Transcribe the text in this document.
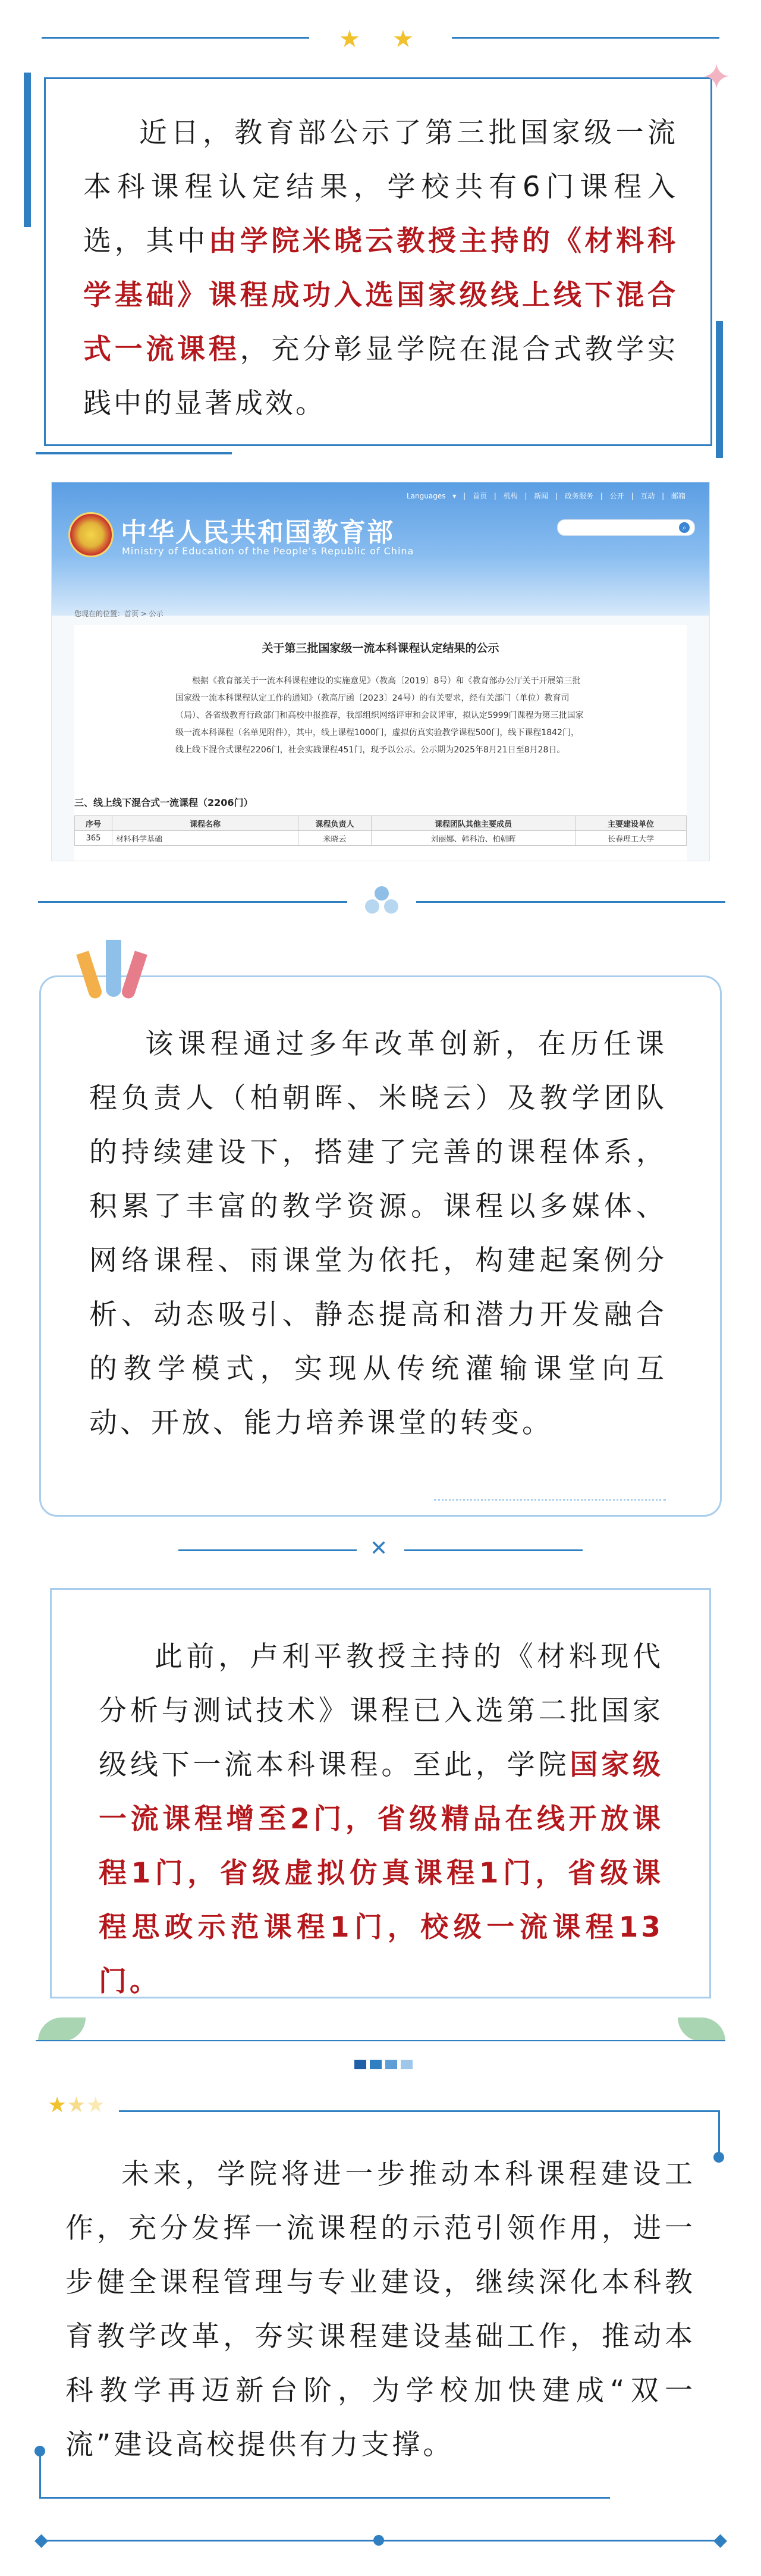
★ ★
✦

近日，教育部公示了第三批国家级一流本科课程认定结果，学校共有6门课程入选，其中由学院米晓云教授主持的《材料科学基础》课程成功入选国家级线上线下混合式一流课程，充分彰显学院在混合式教学实践中的显著成效。

中华人民共和国教育部
Ministry of Education of the People's Republic of China
Languages ▾ | 首页 | 机构 | 新闻 | 政务服务 | 公开 | 互动 | 邮箱
⌕
您现在的位置：首页 > 公示
关于第三批国家级一流本科课程认定结果的公示

根据《教育部关于一流本科课程建设的实施意见》（教高〔2019〕8号）和《教育部办公厅关于开展第三批国家级一流本科课程认定工作的通知》（教高厅函〔2023〕24号）的有关要求，经有关部门（单位）教育司（局）、各省级教育行政部门和高校申报推荐，我部组织网络评审和会议评审，拟认定5999门课程为第三批国家级一流本科课程（名单见附件），其中，线上课程1000门，虚拟仿真实验教学课程500门，线下课程1842门，线上线下混合式课程2206门，社会实践课程451门，现予以公示。公示期为2025年8月21日至8月28日。

三、线上线下混合式一流课程（2206门）
序号	课程名称	课程负责人	课程团队其他主要成员	主要建设单位
365	材料科学基础	米晓云	刘丽娜、韩科冶、柏朝晖	长春理工大学

该课程通过多年改革创新，在历任课程负责人（柏朝晖、米晓云）及教学团队的持续建设下，搭建了完善的课程体系，积累了丰富的教学资源。课程以多媒体、网络课程、雨课堂为依托，构建起案例分析、动态吸引、静态提高和潜力开发融合的教学模式，实现从传统灌输课堂向互动、开放、能力培养课堂的转变。

✕

此前，卢利平教授主持的《材料现代分析与测试技术》课程已入选第二批国家级线下一流本科课程。至此，学院国家级一流课程增至2门，省级精品在线开放课程1门，省级虚拟仿真课程1门，省级课程思政示范课程1门，校级一流课程13门。

★★★

未来，学院将进一步推动本科课程建设工作，充分发挥一流课程的示范引领作用，进一步健全课程管理与专业建设，继续深化本科教育教学改革，夯实课程建设基础工作，推动本科教学再迈新台阶，为学校加快建成“双一流”建设高校提供有力支撑。

◆	◆
